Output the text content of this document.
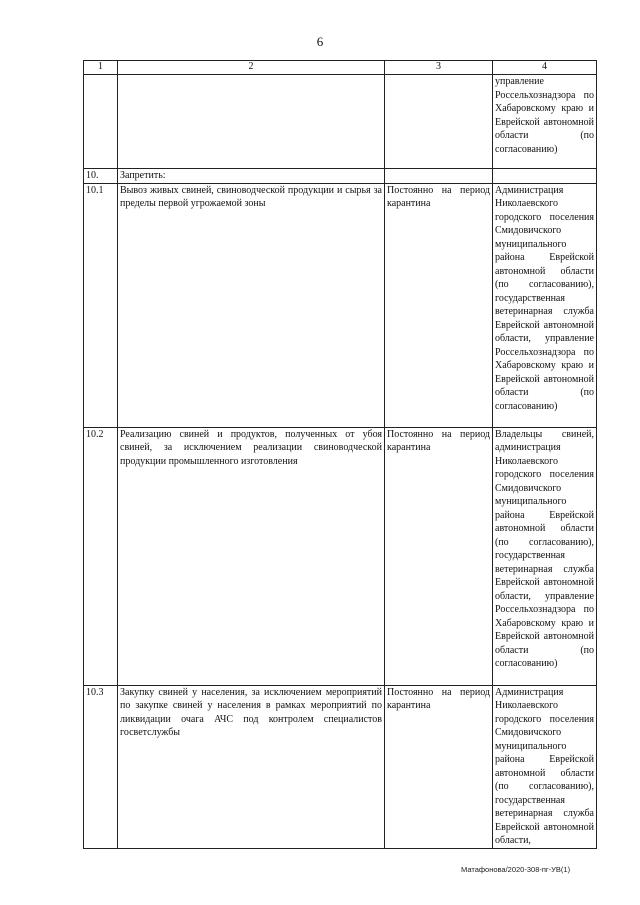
6
1	2	3	4
			управление Россельхознадзора по Хабаровскому краю и Еврейской автономной области (по согласованию)
10.	Запретить:		
10.1	Вывоз живых свиней, свиноводческой продукции и сырья за пределы первой угрожаемой зоны	Постоянно на период карантина	Администрация Николаевского городского поселения Смидовичского муниципального района Еврейской автономной области (по согласованию), государственная ветеринарная служба Еврейской автономной области, управление Россельхознадзора по Хабаровскому краю и Еврейской автономной области (по согласованию)
10.2	Реализацию свиней и продуктов, полученных от убоя свиней, за исключением реализации свиноводческой продукции промышленного изготовления	Постоянно на период карантина	Владельцы свиней, администрация Николаевского городского поселения Смидовичского муниципального района Еврейской автономной области (по согласованию), государственная ветеринарная служба Еврейской автономной области, управление Россельхознадзора по Хабаровскому краю и Еврейской автономной области (по согласованию)
10.3	Закупку свиней у населения, за исключением мероприятий по закупке свиней у населения в рамках мероприятий по ликвидации очага АЧС под контролем специалистов госветслужбы	Постоянно на период карантина	Администрация Николаевского городского поселения Смидовичского муниципального района Еврейской автономной области (по согласованию), государственная ветеринарная служба Еврейской автономной области,
Матафонова/2020-308-пг-УВ(1)
